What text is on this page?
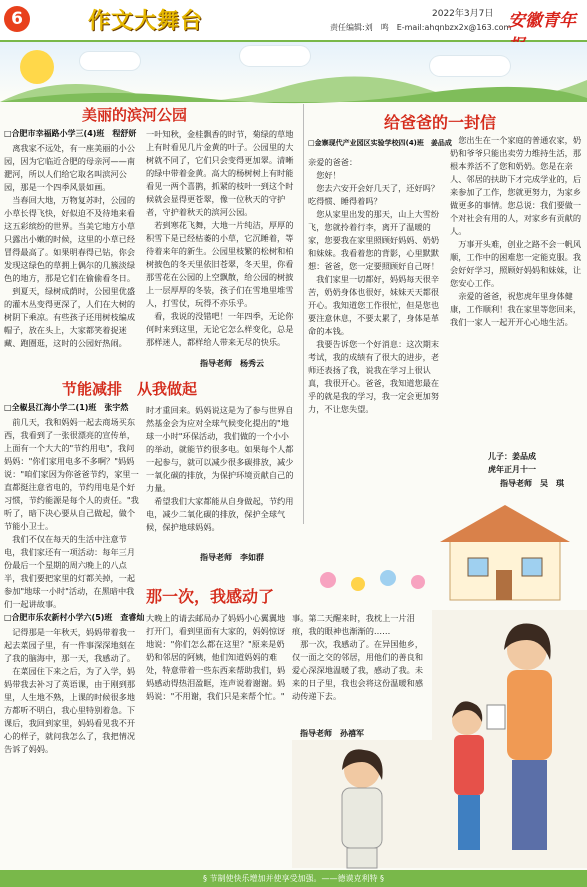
6	作文大舞台	2022年3月7日
责任编辑:刘　鸣　E-mail:ahqnbzx2x@163.com
安徽青年
美丽的滨河公园
□合肥市幸福路小学三(4)班　程舒妍
　离我家不远处，有一座美丽的小公园，因为它临近合肥的母亲河——南淝河，所以人们给它取名叫滨河公园，那是一个四季风景如画。
　当春回大地，万物复苏时，公园的小草长得飞快，好似迫不及待地来看这五彩缤纷的世界。当美它地方小草只露出小嫩的时候，这里的小草已经冒得最高了。如果明春得已钻，你会发现这绿色的草拥上偶尔的几簇淡绿色的地方，那是它们在偷偷看冬日。
　到夏天，绿树成荫时，公园里优盛的灌木丛变得更深了，人们在大树的树阴下乘凉。有些孩子还用树枝编成帽子，放在头上，大家都笑着捉迷藏、跑圈逛，这时的公园好热闹。
一叶知秋，金桂飘香的时节，菊绿的草地上有时看见几片金黄的叶子。公园里的大树就不同了，它们只会变得更加翠。清晰的绿中带着金黄。高大的杨树树上有时能看见一两个喜鹊，抓紧的枝叶一到这个时候就会显得更苍翠，像一位秋天的守护者，守护着秋天的滨河公园。
　若到寒花飞舞，大地一片纯洁，厚厚的积雪下是已经枯萎的小草，它沉睡着，等待着来年的新生。公园里枝繁的松树和柏树披色的冬天里依旧苍翠，冬天里，你看那雪花在公园的上空飘散，给公园的树披上一层厚厚的冬装，孩子们在雪地里堆雪人，打雪仗，玩得不亦乐乎。
　看，我说的没错吧！一年四季，无论你何时来到这里，无论它怎么样变化，总是那样迷人，都样给人带来无尽的快乐。
指导老师　杨秀云
节能减排　从我做起
□全椒县江海小学二(1)班　张宇然
　前几天，我和妈妈一起去商场买东西，我看到了一张很漂亮的宣传单，上面有一个大大的"节约用电"，我问妈妈："你们家用电多不多啊？"妈妈说："咱们家因为你爸爸节约，家里一直都挺注意省电的，节约用电是个好习惯，节约能源是每个人的责任。"我听了，暗下决心要从自己做起，做个节能小卫士。
　我们不仅在每天的生活中注意节电，我们家还有一项活动：每年三月份最后一个星期的周六晚上的八点半，我们要把家里的灯都关掉，一起参加"地球一小时"活动，在黑暗中我们一起讲故事。
时才重回来。妈妈说这是为了参与世界自然基金会为应对全球气候变化提出的"地球一小时"环保活动，我们做的一个小小的举动，就能节约很多电。如果每个人都一起参与，就可以减少很多碳排放，减少一氧化碳的排放，为保护环境贡献自己的力量。
　希望我们大家都能从自身做起，节约用电，减少二氧化碳的排放，保护全球气候，保护地球妈妈。
指导老师　李如群
给爸爸的一封信
□金寨现代产业园区实验学校四(4)班　姜品成
亲爱的爸爸：
　您好！
　您去六安开会好几天了，还好吗？吃得惯、睡得着吗？
　您从家里出发的那天，山上大雪纷飞，您就拎着行李，离开了温暖的家，您要我在家里照顾好妈妈、奶奶和妹妹。我看着您的背影，心里默默想：爸爸，您一定要照顾好自己呀！
　我们家里一切都好，妈妈每天很辛苦，奶奶身体也很好，妹妹天天都很开心。我知道您工作很忙，但是您也要注意休息，不要太累了，身体是革命的本钱。
　我要告诉您一个好消息：这次期末考试，我的成绩有了很大的进步，老师还表扬了我，说我在学习上很认真，我很开心。爸爸，我知道您最在乎的就是我的学习，我一定会更加努力，不让您失望。
　您出生在一个家庭的普通农家，奶奶和爷爷只能出卖劳力维持生活，那根本养活不了您和奶奶。您是在亲人、邻居的扶助下才完成学业的，后来参加了工作，您就更努力，为家乡做更多的事情。您总说：我们要做一个对社会有用的人，对家乡有贡献的人。
　万事开头难，创业之路不会一帆风顺，工作中的困难您一定能克服。我会好好学习，照顾好妈妈和妹妹，让您安心工作。
　亲爱的爸爸，祝您虎年里身体健康，工作顺利！我在家里等您回来，我们一家人一起开开心心地生活。
儿子：姜品成
虎年正月十一
指导老师　吴　琪
那一次，我感动了
□合肥市乐农新村小学六(5)班　查睿灿
　记得那是一年秋天，妈妈带着我一起去菜园子里，有一件事深深地刻在了我的脑海中，那一天，我感动了。
　在菜园住下来之后，为了入学，妈妈带我去补习了英语课，由于刚到那里，人生地不熟，上课的时候很多地方都听不明白，我心里特别着急。下课后，我回到家里，妈妈看见我不开心的样子，就问我怎么了，我把情况告诉了妈妈。
大晚上的请去邮局办了妈妈小心翼翼地打开门，看到里面有大家的，妈妈惊讶地说："你们怎么都在这里？"原来是奶奶和邻居的阿姨，他们知道妈妈的难处，特意带着一些东西来帮助我们，妈妈感动得热泪盈眶，连声说着谢谢。妈妈说："不用谢，我们只是来帮个忙。"
事。第二天醒来时，我枕上一片泪痕，我的眼神也渐渐的……
　那一次，我感动了。在异国他乡，仅一面之交的邻居，用他们的善良和爱心深深地温暖了我，感动了我。未来的日子里，我也会将这份温暖和感动传递下去。
指导老师　孙禧军
§ 节制使快乐增加并使享受加强。——德谟克利特 §
